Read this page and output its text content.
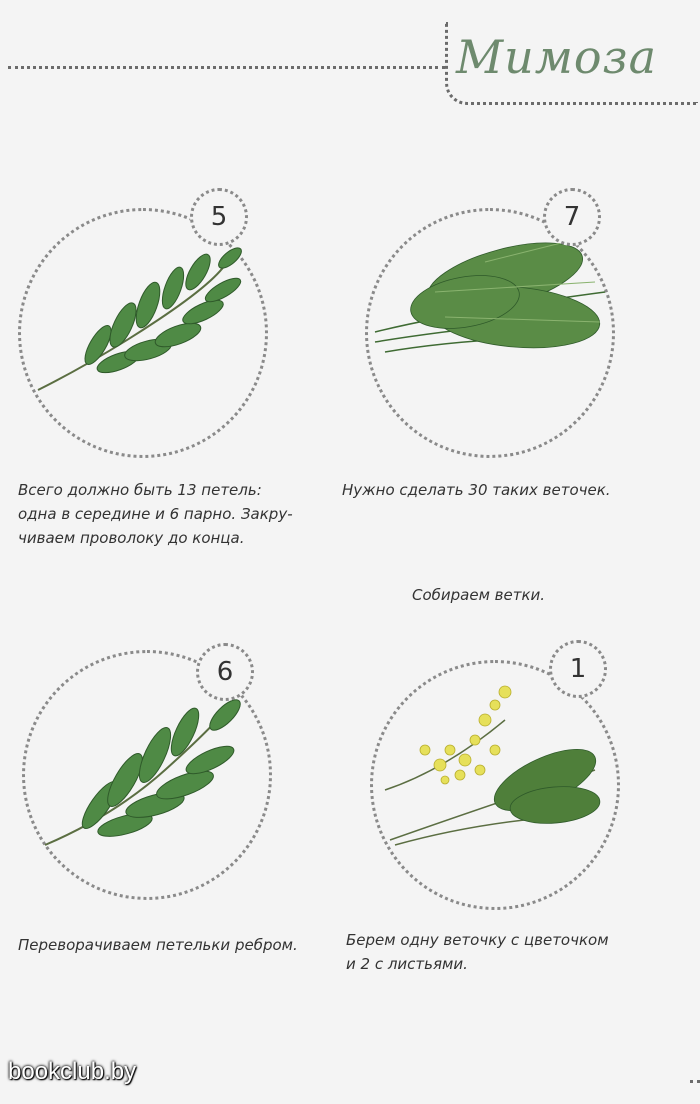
Мимоза
5
Всего должно быть 13 петель:
одна в середине и 6 парно. Закру-
чиваем проволоку до конца.
7
Нужно сделать 30 таких веточек.
Собираем ветки.
6
Переворачиваем петельки ребром.
1
Берем одну веточку с цветочком
и 2 с листьями.
bookclub.by
